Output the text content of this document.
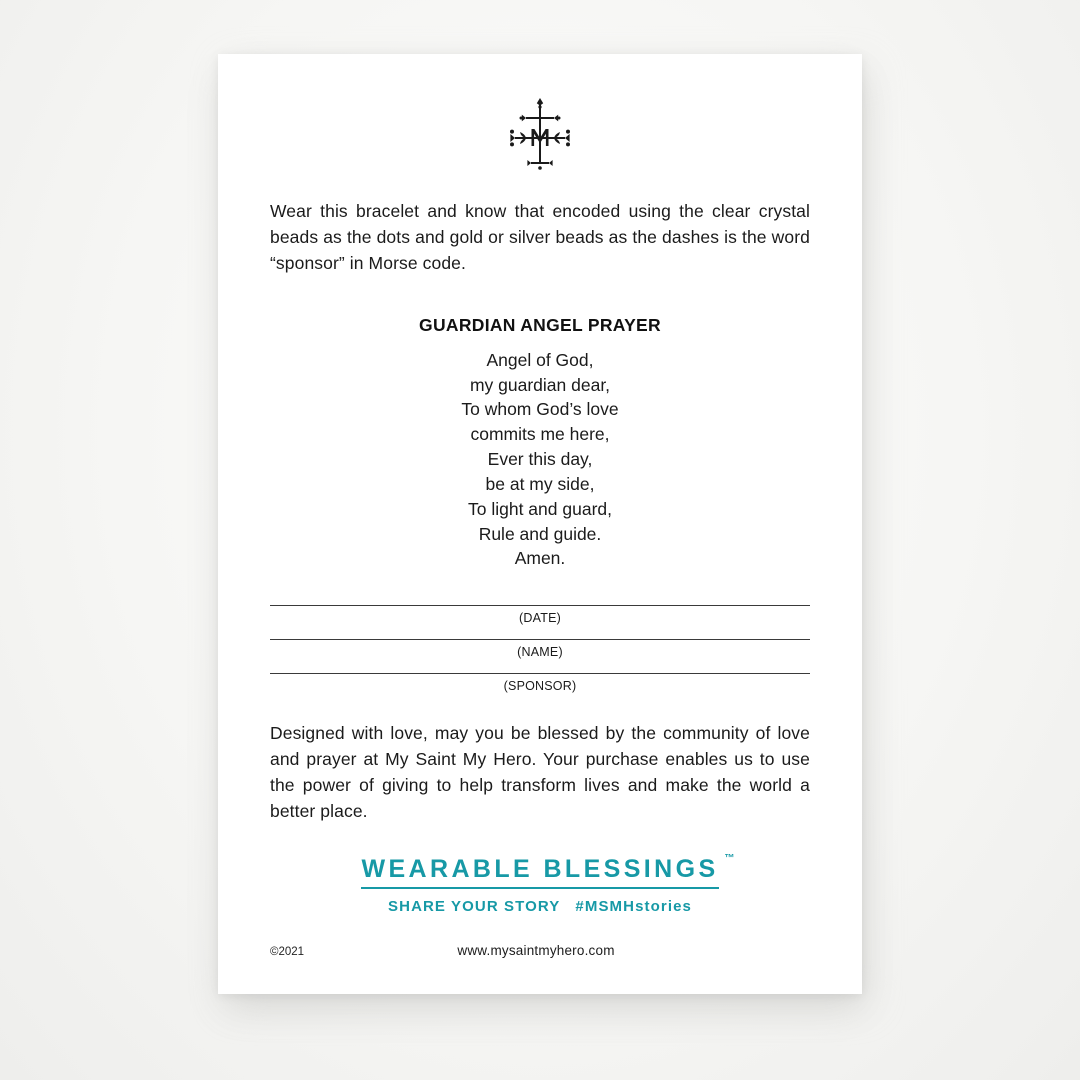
Wear this bracelet and know that encoded using the clear crystal beads as the dots and gold or silver beads as the dashes is the word “sponsor” in Morse code.

GUARDIAN ANGEL PRAYER
Angel of God,
my guardian dear,
To whom God’s love
commits me here,
Ever this day,
be at my side,
To light and guard,
Rule and guide.
Amen.
(DATE)
(NAME)
(SPONSOR)

Designed with love, may you be blessed by the community of love and prayer at My Saint My Hero. Your purchase enables us to use the power of giving to help transform lives and make the world a better place.

WEARABLE BLESSINGS ™
SHARE YOUR STORY #MSMHstories
©2021	www.mysaintmyhero.com
